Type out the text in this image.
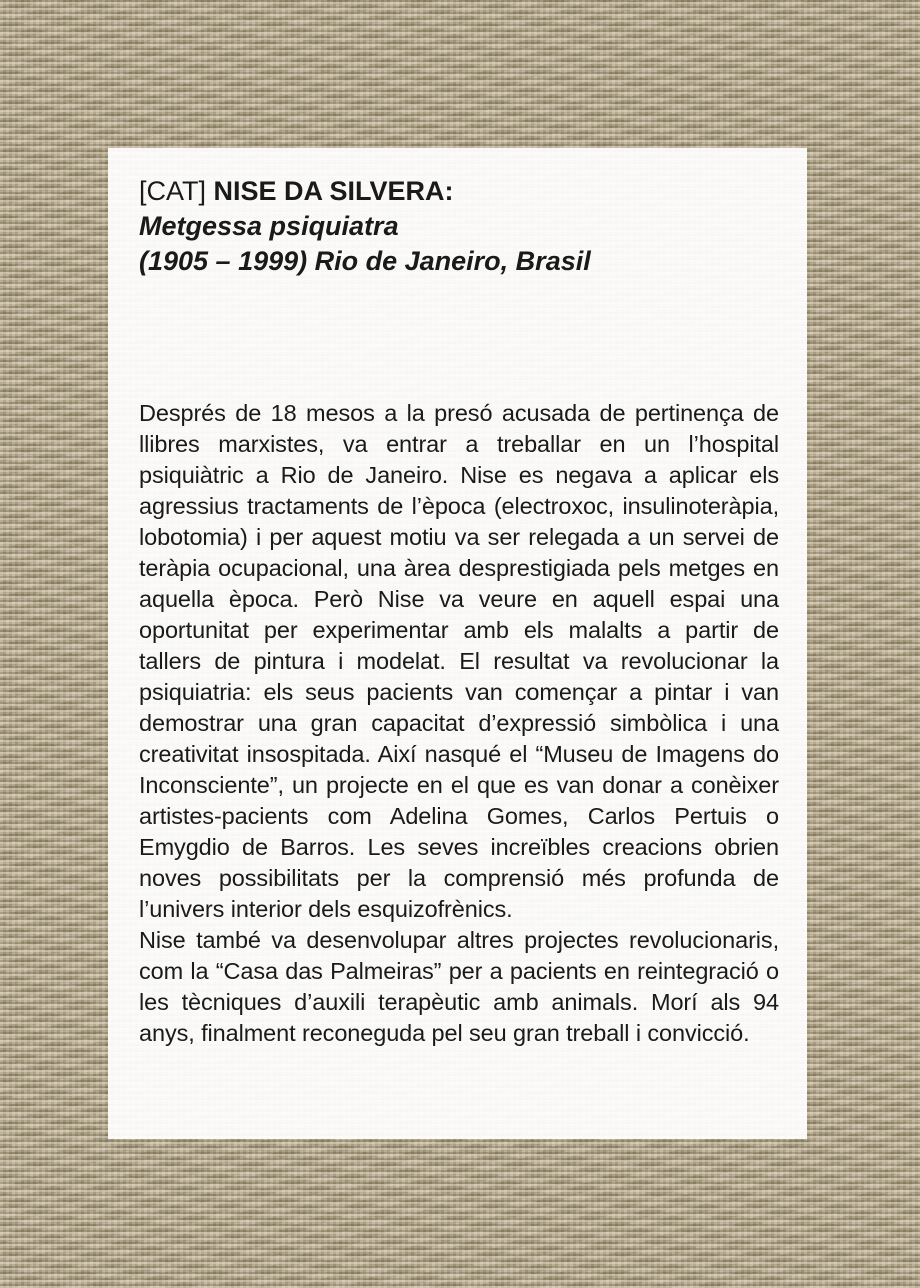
[CAT] NISE DA SILVERA:
Metgessa psiquiatra
(1905 – 1999) Rio de Janeiro, Brasil

Després de 18 mesos a la presó acusada de pertinença de llibres marxistes, va entrar a treballar en un l’hospital psiquiàtric a Rio de Janeiro. Nise es negava a aplicar els agressius tractaments de l’època (electroxoc, insulinoteràpia, lobotomia) i per aquest motiu va ser relegada a un servei de teràpia ocupacional, una àrea desprestigiada pels metges en aquella època. Però Nise va veure en aquell espai una oportunitat per experimentar amb els malalts a partir de tallers de pintura i modelat. El resultat va revolucionar la psiquiatria: els seus pacients van començar a pintar i van demostrar una gran capacitat d’expressió simbòlica i una creativitat insospitada. Així nasqué el “Museu de Imagens do Inconsciente”, un projecte en el que es van donar a conèixer artistes-pacients com Adelina Gomes, Carlos Pertuis o Emygdio de Barros. Les seves increïbles creacions obrien noves possibilitats per la comprensió més profunda de l’univers interior dels esquizofrènics.

Nise també va desenvolupar altres projectes revolucionaris, com la “Casa das Palmeiras” per a pacients en reintegració o les tècniques d’auxili terapèutic amb animals. Morí als 94 anys, finalment reconeguda pel seu gran treball i convicció.
